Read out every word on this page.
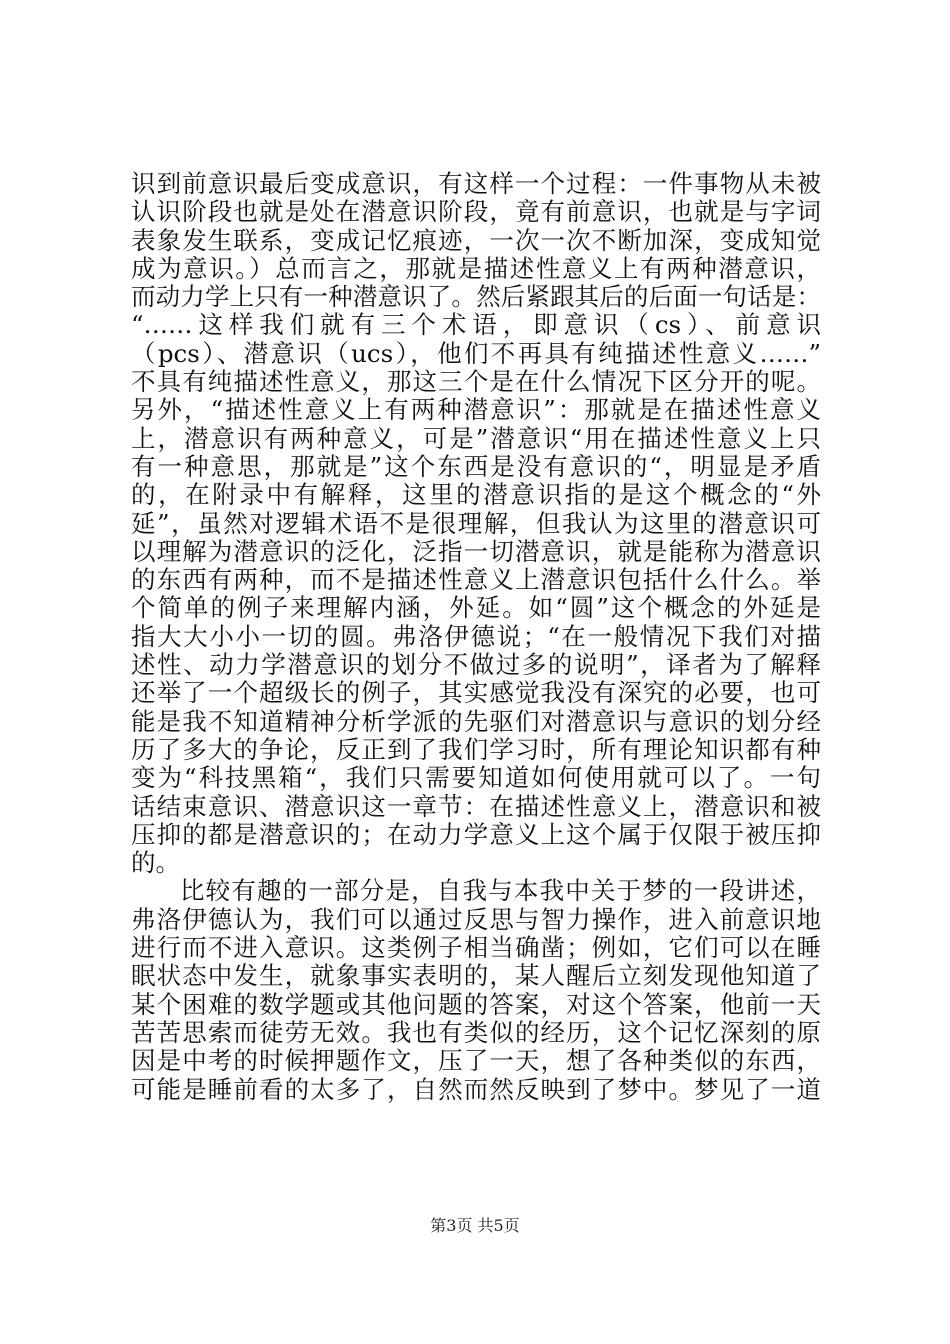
识到前意识最后变成意识，有这样一个过程：一件事物从未被
认识阶段也就是处在潜意识阶段，竟有前意识，也就是与字词
表象发生联系，变成记忆痕迹，一次一次不断加深，变成知觉
成为意识。）总而言之，那就是描述性意义上有两种潜意识，
而动力学上只有一种潜意识了。然后紧跟其后的后面一句话是：
“……这样我们就有三个术语，即意识（cs）、前意识
（pcs）、潜意识（ucs），他们不再具有纯描述性意义……”
不具有纯描述性意义，那这三个是在什么情况下区分开的呢。
另外，“描述性意义上有两种潜意识”：那就是在描述性意义
上，潜意识有两种意义，可是”潜意识“用在描述性意义上只
有一种意思，那就是”这个东西是没有意识的“，明显是矛盾
的，在附录中有解释，这里的潜意识指的是这个概念的“外
延”，虽然对逻辑术语不是很理解，但我认为这里的潜意识可
以理解为潜意识的泛化，泛指一切潜意识，就是能称为潜意识
的东西有两种，而不是描述性意义上潜意识包括什么什么。举
个简单的例子来理解内涵，外延。如“圆”这个概念的外延是
指大大小小一切的圆。弗洛伊德说；“在一般情况下我们对描
述性、动力学潜意识的划分不做过多的说明”，译者为了解释
还举了一个超级长的例子，其实感觉我没有深究的必要，也可
能是我不知道精神分析学派的先驱们对潜意识与意识的划分经
历了多大的争论，反正到了我们学习时，所有理论知识都有种
变为“科技黑箱“，我们只需要知道如何使用就可以了。一句
话结束意识、潜意识这一章节：在描述性意义上，潜意识和被
压抑的都是潜意识的；在动力学意义上这个属于仅限于被压抑
的。
比较有趣的一部分是，自我与本我中关于梦的一段讲述，
弗洛伊德认为，我们可以通过反思与智力操作，进入前意识地
进行而不进入意识。这类例子相当确凿；例如，它们可以在睡
眠状态中发生，就象事实表明的，某人醒后立刻发现他知道了
某个困难的数学题或其他问题的答案，对这个答案，他前一天
苦苦思索而徒劳无效。我也有类似的经历，这个记忆深刻的原
因是中考的时候押题作文，压了一天，想了各种类似的东西，
可能是睡前看的太多了，自然而然反映到了梦中。梦见了一道
第3页 共5页
